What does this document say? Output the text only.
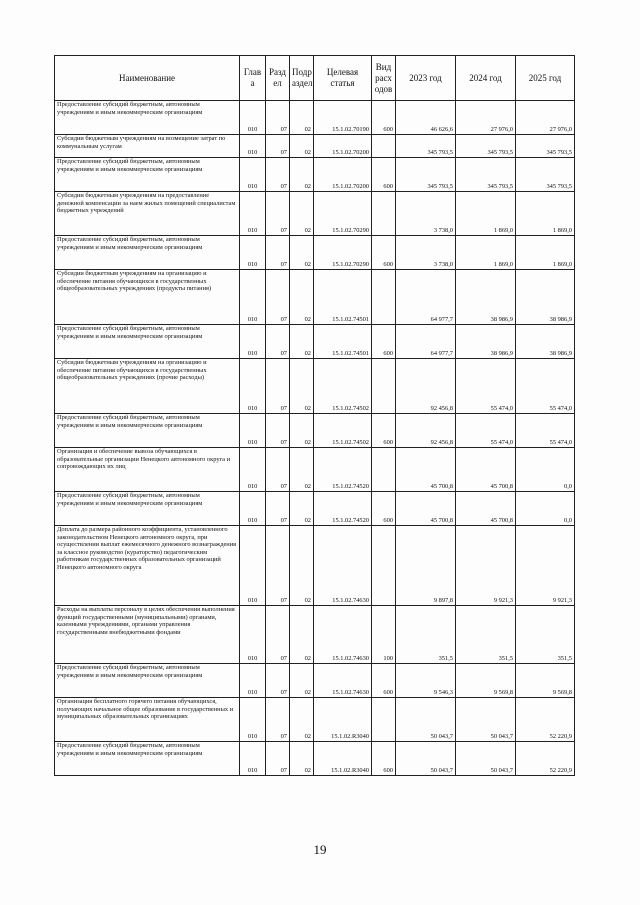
Наименование	Глав а	Разд ел	Подр аздел	Целевая статья	Вид расх одов	2023 год	2024 год	2025 год
Предоставление субсидий бюджетным, автономным учреждениям и иным некоммерческим организациям	010	07	02	15.1.02.70190	600	46 626,6	27 976,0	27 976,0
Субсидии бюджетным учреждениям на возмещение затрат по коммунальным услугам	010	07	02	15.1.02.70200		345 793,5	345 793,5	345 793,5
Предоставление субсидий бюджетным, автономным учреждениям и иным некоммерческим организациям	010	07	02	15.1.02.70200	600	345 793,5	345 793,5	345 793,5
Субсидии бюджетным учреждениям на предоставление денежной компенсации за наем жилых помещений специалистам бюджетных учреждений	010	07	02	15.1.02.70290		3 738,0	1 869,0	1 869,0
Предоставление субсидий бюджетным, автономным учреждениям и иным некоммерческим организациям	010	07	02	15.1.02.70290	600	3 738,0	1 869,0	1 869,0
Субсидии бюджетным учреждениям на организацию и обеспечение питания обучающихся в государственных общеобразовательных учреждениях (продукты питания)	010	07	02	15.1.02.74501		64 977,7	38 986,9	38 986,9
Предоставление субсидий бюджетным, автономным учреждениям и иным некоммерческим организациям	010	07	02	15.1.02.74501	600	64 977,7	38 986,9	38 986,9
Субсидии бюджетным учреждениям на организацию и обеспечение питания обучающихся в государственных общеобразовательных учреждениях (прочие расходы)	010	07	02	15.1.02.74502		92 456,8	55 474,0	55 474,0
Предоставление субсидий бюджетным, автономным учреждениям и иным некоммерческим организациям	010	07	02	15.1.02.74502	600	92 456,8	55 474,0	55 474,0
Организация и обеспечение вывоза обучающихся в образовательные организации Ненецкого автономного округа и сопровождающих их лиц	010	07	02	15.1.02.74520		45 700,8	45 700,8	0,0
Предоставление субсидий бюджетным, автономным учреждениям и иным некоммерческим организациям	010	07	02	15.1.02.74520	600	45 700,8	45 700,8	0,0
Доплата до размера районного коэффициента, установленного законодательством Ненецкого автономного округа, при осуществлении выплат ежемесячного денежного вознаграждения за классное руководство (кураторство) педагогическим работникам государственных образовательных организаций Ненецкого автономного округа	010	07	02	15.1.02.74630		9 897,8	9 921,3	9 921,3
Расходы на выплаты персоналу в целях обеспечения выполнения функций государственными (муниципальными) органами, казенными учреждениями, органами управления государственными внебюджетными фондами	010	07	02	15.1.02.74630	100	351,5	351,5	351,5
Предоставление субсидий бюджетным, автономным учреждениям и иным некоммерческим организациям	010	07	02	15.1.02.74630	600	9 546,3	9 569,8	9 569,8
Организация бесплатного горячего питания обучающихся, получающих начальное общее образование в государственных и муниципальных образовательных организациях	010	07	02	15.1.02.R3040		50 043,7	50 043,7	52 220,9
Предоставление субсидий бюджетным, автономным учреждениям и иным некоммерческим организациям	010	07	02	15.1.02.R3040	600	50 043,7	50 043,7	52 220,9
19
